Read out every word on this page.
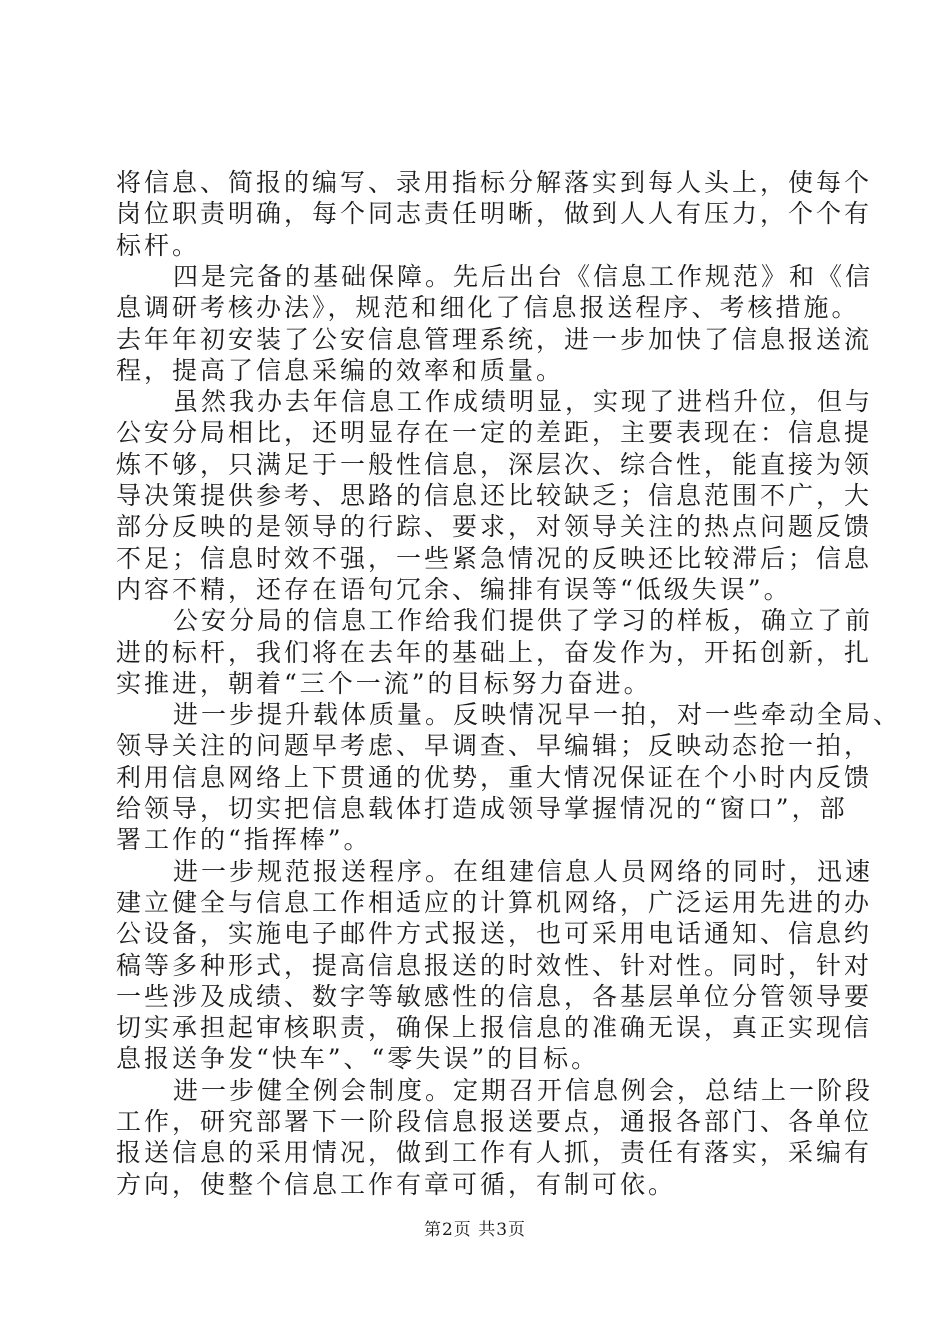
将信息、简报的编写、录用指标分解落实到每人头上，使每个
岗位职责明确，每个同志责任明晰，做到人人有压力，个个有
标杆。
四是完备的基础保障。先后出台《信息工作规范》和《信
息调研考核办法》，规范和细化了信息报送程序、考核措施。
去年年初安装了公安信息管理系统，进一步加快了信息报送流
程，提高了信息采编的效率和质量。
虽然我办去年信息工作成绩明显，实现了进档升位，但与
公安分局相比，还明显存在一定的差距，主要表现在：信息提
炼不够，只满足于一般性信息，深层次、综合性，能直接为领
导决策提供参考、思路的信息还比较缺乏；信息范围不广，大
部分反映的是领导的行踪、要求，对领导关注的热点问题反馈
不足；信息时效不强，一些紧急情况的反映还比较滞后；信息
内容不精，还存在语句冗余、编排有误等“低级失误”。
公安分局的信息工作给我们提供了学习的样板，确立了前
进的标杆，我们将在去年的基础上，奋发作为，开拓创新，扎
实推进，朝着“三个一流”的目标努力奋进。
进一步提升载体质量。反映情况早一拍，对一些牵动全局、
领导关注的问题早考虑、早调查、早编辑；反映动态抢一拍，
利用信息网络上下贯通的优势，重大情况保证在个小时内反馈
给领导，切实把信息载体打造成领导掌握情况的“窗口”，部
署工作的“指挥棒”。
进一步规范报送程序。在组建信息人员网络的同时，迅速
建立健全与信息工作相适应的计算机网络，广泛运用先进的办
公设备，实施电子邮件方式报送，也可采用电话通知、信息约
稿等多种形式，提高信息报送的时效性、针对性。同时，针对
一些涉及成绩、数字等敏感性的信息，各基层单位分管领导要
切实承担起审核职责，确保上报信息的准确无误，真正实现信
息报送争发“快车”、“零失误”的目标。
进一步健全例会制度。定期召开信息例会，总结上一阶段
工作，研究部署下一阶段信息报送要点，通报各部门、各单位
报送信息的采用情况，做到工作有人抓，责任有落实，采编有
方向，使整个信息工作有章可循，有制可依。
第2页 共3页
